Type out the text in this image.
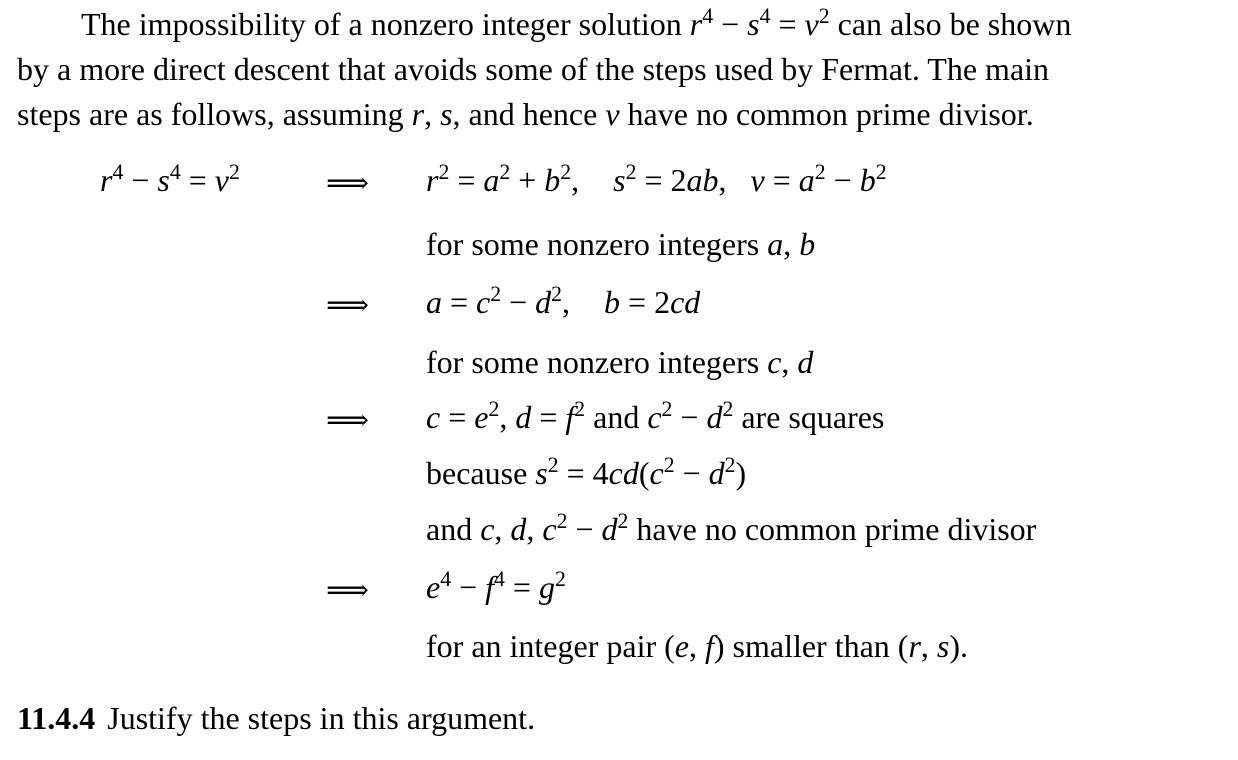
The impossibility of a nonzero integer solution $r^4 - s^4 = v^2$ can also be shown
by a more direct descent that avoids some of the steps used by Fermat. The main
steps are as follows, assuming r, s, and hence v have no common prime divisor.
$r^4 - s^4 = v^2$	⟹ $r^2 = a^2 + b^2$, $s^2 = 2ab$, $v = a^2 - b^2$
for some nonzero integers a, b
⟹ $a = c^2 - d^2$, b = 2cd
for some nonzero integers c, d
⟹ $c = e^2$, $d = f^2$ and $c^2 - d^2$ are squares
because $s^2 = 4cd(c^2 - d^2)$
and c, d, $c^2 - d^2$ have no common prime divisor
⟹ $e^4 - f^4 = g^2$
for an integer pair (e, f) smaller than (r, s).
11.4.4 Justify the steps in this argument.
